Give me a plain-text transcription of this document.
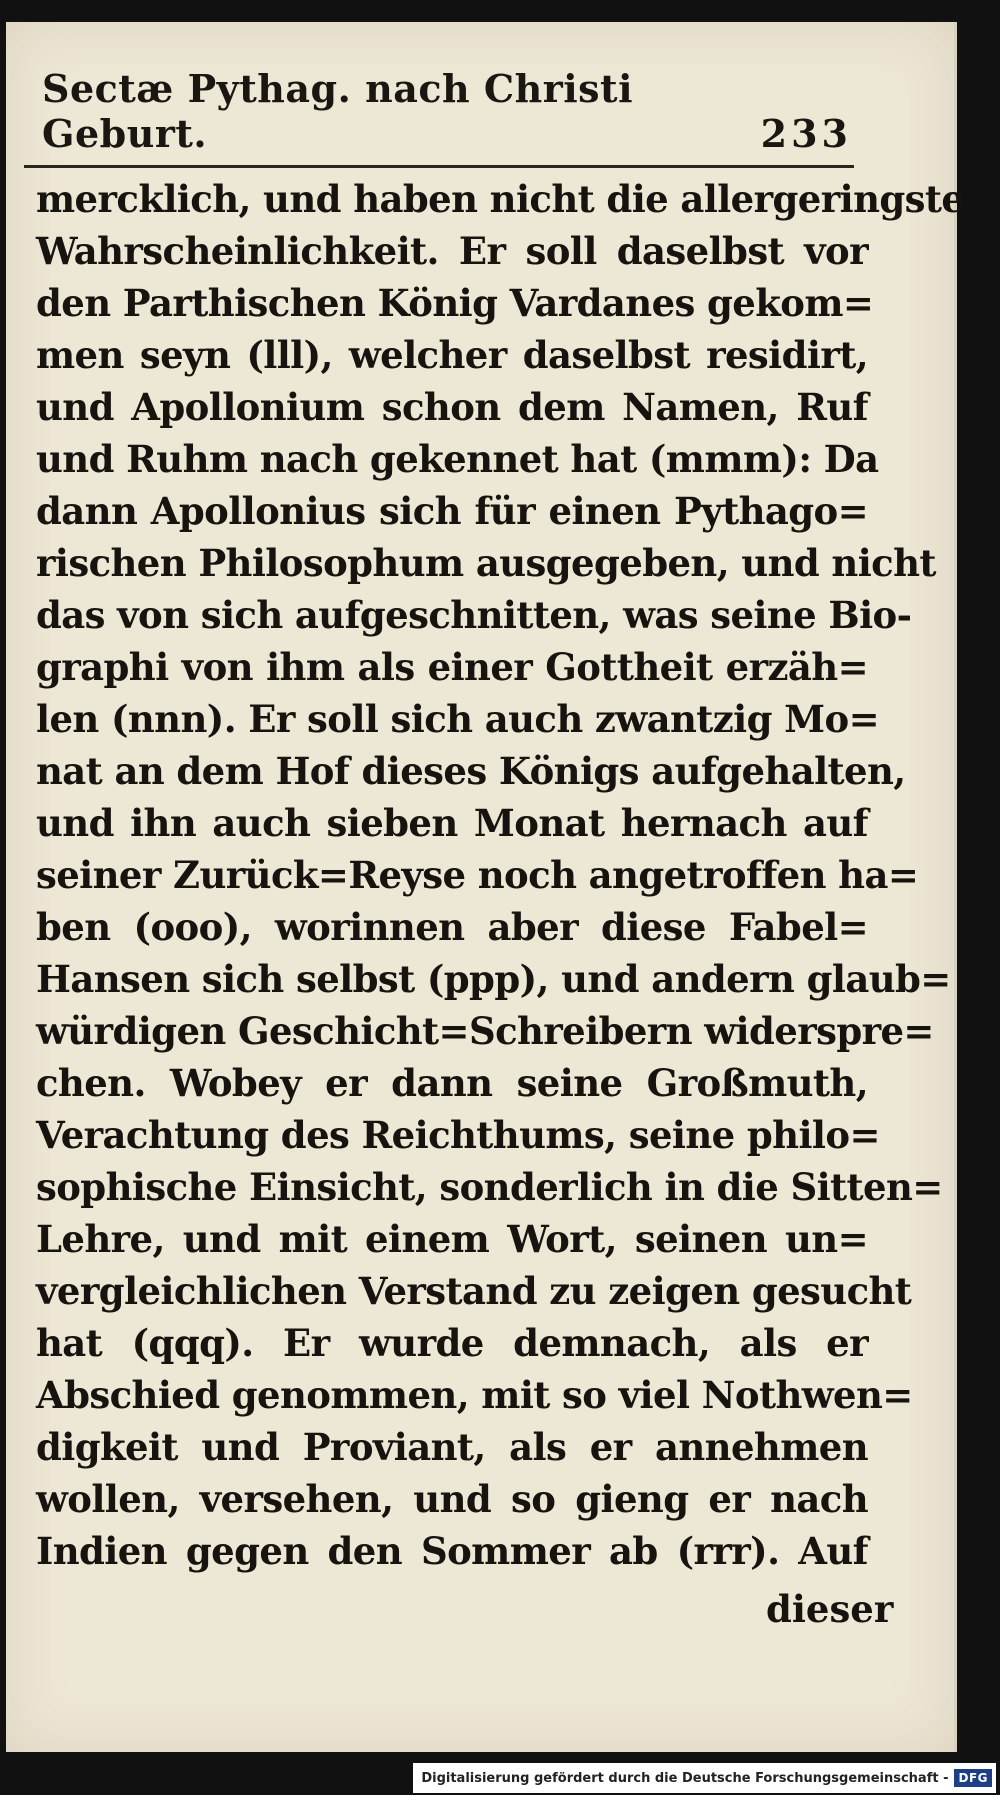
Sectæ Pythag. nach Christi Geburt.	233
mercklich, und haben nicht die allergeringste
Wahrscheinlichkeit. Er soll daselbst vor
den Parthischen König Vardanes gekom=
men seyn (lll), welcher daselbst residirt,
und Apollonium schon dem Namen, Ruf
und Ruhm nach gekennet hat (mmm): Da
dann Apollonius sich für einen Pythago=
rischen Philosophum ausgegeben, und nicht
das von sich aufgeschnitten, was seine Bio-
graphi von ihm als einer Gottheit erzäh=
len (nnn). Er soll sich auch zwantzig Mo=
nat an dem Hof dieses Königs aufgehalten,
und ihn auch sieben Monat hernach auf
seiner Zurück=Reyse noch angetroffen ha=
ben (ooo), worinnen aber diese Fabel=
Hansen sich selbst (ppp), und andern glaub=
würdigen Geschicht=Schreibern widerspre=
chen. Wobey er dann seine Großmuth,
Verachtung des Reichthums, seine philo=
sophische Einsicht, sonderlich in die Sitten=
Lehre, und mit einem Wort, seinen un=
vergleichlichen Verstand zu zeigen gesucht
hat (qqq). Er wurde demnach, als er
Abschied genommen, mit so viel Nothwen=
digkeit und Proviant, als er annehmen
wollen, versehen, und so gieng er nach
Indien gegen den Sommer ab (rrr). Auf
dieser
Digitalisierung gefördert durch die Deutsche Forschungsgemeinschaft - DFG
